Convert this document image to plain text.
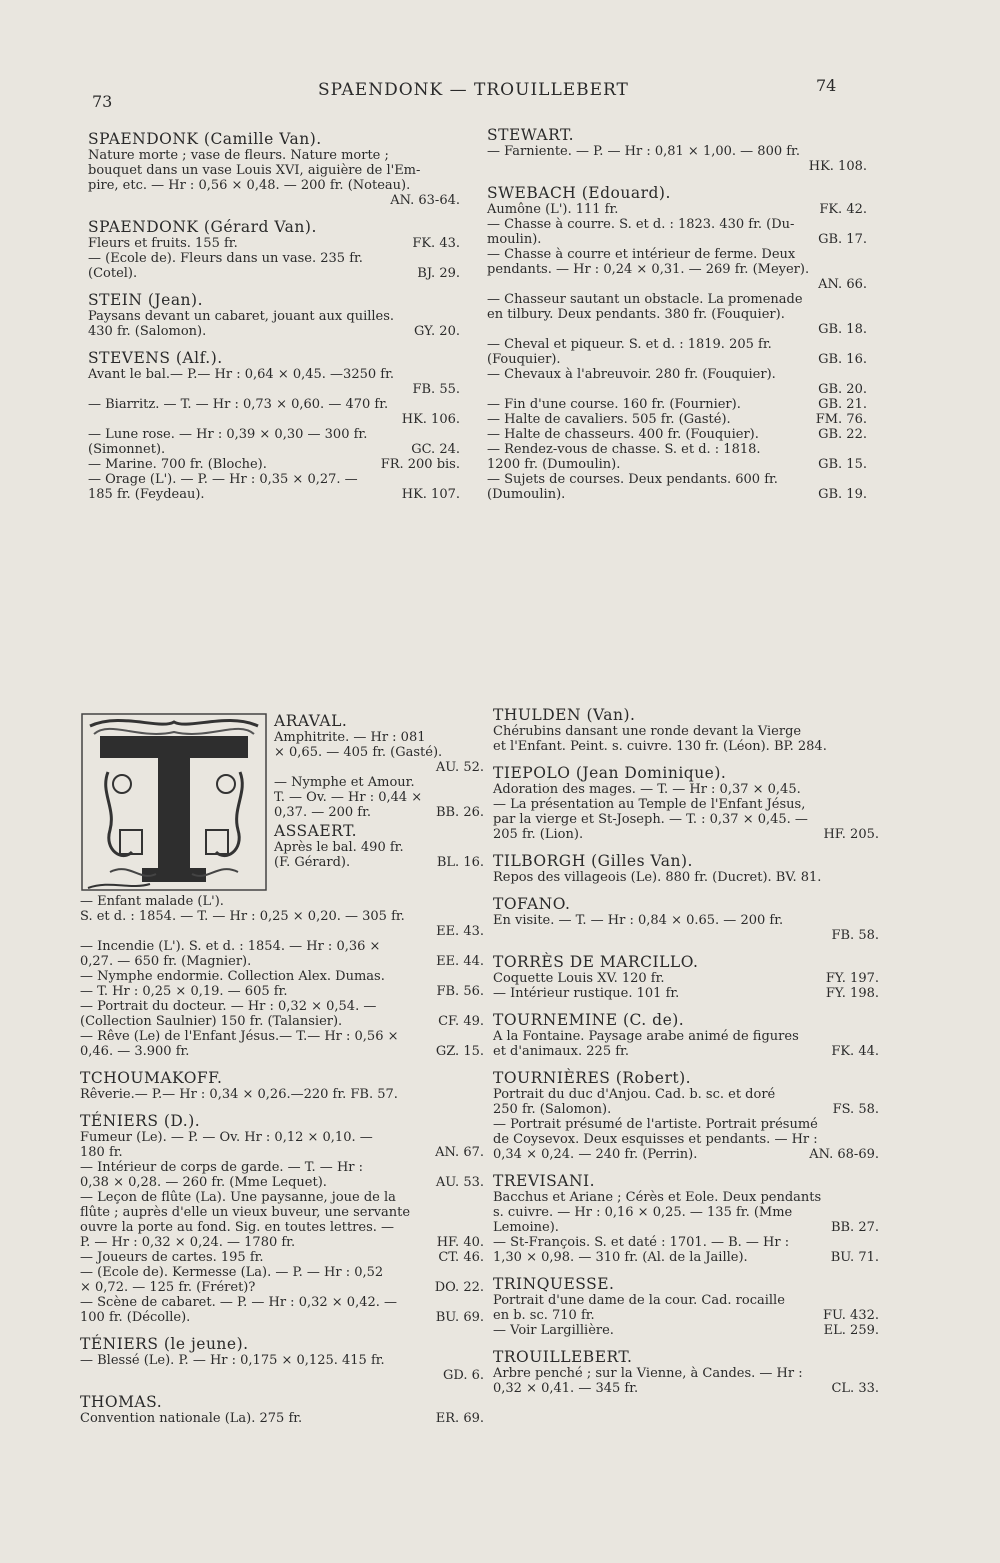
73
SPAENDONK — TROUILLEBERT	74
SPAENDONK (Camille Van).
Nature morte ; vase de fleurs. Nature morte ;
bouquet dans un vase Louis XVI, aiguière de l'Em-
pire, etc. — Hr : 0,56 × 0,48. — 200 fr. (Noteau).
AN. 63-64.
SPAENDONK (Gérard Van).
Fleurs et fruits. 155 fr.	FK. 43.
— (Ecole de). Fleurs dans un vase. 235 fr.
(Cotel).	BJ. 29.
STEIN (Jean).
Paysans devant un cabaret, jouant aux quilles.
430 fr. (Salomon).	GY. 20.
STEVENS (Alf.).
Avant le bal.— P.— Hr : 0,64 × 0,45. —3250 fr.
FB. 55.
— Biarritz. — T. — Hr : 0,73 × 0,60. — 470 fr.
HK. 106.
— Lune rose. — Hr : 0,39 × 0,30 — 300 fr.
(Simonnet).	GC. 24.
— Marine. 700 fr. (Bloche).	FR. 200 bis.
— Orage (L'). — P. — Hr : 0,35 × 0,27. —
185 fr. (Feydeau).	HK. 107.
STEWART.
— Farniente. — P. — Hr : 0,81 × 1,00. — 800 fr.
HK. 108.
SWEBACH (Edouard).
Aumône (L'). 111 fr.	FK. 42.
— Chasse à courre. S. et d. : 1823. 430 fr. (Du-
moulin).	GB. 17.
— Chasse à courre et intérieur de ferme. Deux
pendants. — Hr : 0,24 × 0,31. — 269 fr. (Meyer).
AN. 66.
— Chasseur sautant un obstacle. La promenade
en tilbury. Deux pendants. 380 fr. (Fouquier).
GB. 18.
— Cheval et piqueur. S. et d. : 1819. 205 fr.
(Fouquier).	GB. 16.
— Chevaux à l'abreuvoir. 280 fr. (Fouquier).
GB. 20.
— Fin d'une course. 160 fr. (Fournier).	GB. 21.
— Halte de cavaliers. 505 fr. (Gasté).	FM. 76.
— Halte de chasseurs. 400 fr. (Fouquier).	GB. 22.
— Rendez-vous de chasse. S. et d. : 1818.
1200 fr. (Dumoulin).	GB. 15.
— Sujets de courses. Deux pendants. 600 fr.
(Dumoulin).	GB. 19.
ARAVAL.
Amphitrite. — Hr : 081
× 0,65. — 405 fr. (Gasté).
AU. 52.
— Nymphe et Amour.
T. — Ov. — Hr : 0,44 ×
0,37. — 200 fr.	BB. 26.
ASSAERT.
Après le bal. 490 fr.
(F. Gérard).	BL. 16.
— Enfant malade (L').
S. et d. : 1854. — T. — Hr : 0,25 × 0,20. — 305 fr.
EE. 43.
— Incendie (L'). S. et d. : 1854. — Hr : 0,36 ×
0,27. — 650 fr. (Magnier).	EE. 44.
— Nymphe endormie. Collection Alex. Dumas.
— T. Hr : 0,25 × 0,19. — 605 fr.	FB. 56.
— Portrait du docteur. — Hr : 0,32 × 0,54. —
(Collection Saulnier) 150 fr. (Talansier).	CF. 49.
— Rêve (Le) de l'Enfant Jésus.— T.— Hr : 0,56 ×
0,46. — 3.900 fr.	GZ. 15.
TCHOUMAKOFF.
Rêverie.— P.— Hr : 0,34 × 0,26.—220 fr. FB. 57.
TÉNIERS (D.).
Fumeur (Le). — P. — Ov. Hr : 0,12 × 0,10. —
180 fr.	AN. 67.
— Intérieur de corps de garde. — T. — Hr :
0,38 × 0,28. — 260 fr. (Mme Lequet).	AU. 53.
— Leçon de flûte (La). Une paysanne, joue de la
flûte ; auprès d'elle un vieux buveur, une servante
ouvre la porte au fond. Sig. en toutes lettres. —
P. — Hr : 0,32 × 0,24. — 1780 fr.	HF. 40.
— Joueurs de cartes. 195 fr.	CT. 46.
— (Ecole de). Kermesse (La). — P. — Hr : 0,52
× 0,72. — 125 fr. (Fréret)?	DO. 22.
— Scène de cabaret. — P. — Hr : 0,32 × 0,42. —
100 fr. (Décolle).	BU. 69.
TÉNIERS (le jeune).
— Blessé (Le). P. — Hr : 0,175 × 0,125. 415 fr.
GD. 6.
THOMAS.
Convention nationale (La). 275 fr.	ER. 69.
THULDEN (Van).
Chérubins dansant une ronde devant la Vierge
et l'Enfant. Peint. s. cuivre. 130 fr. (Léon). BP. 284.
TIEPOLO (Jean Dominique).
Adoration des mages. — T. — Hr : 0,37 × 0,45.
— La présentation au Temple de l'Enfant Jésus,
par la vierge et St-Joseph. — T. : 0,37 × 0,45. —
205 fr. (Lion).	HF. 205.
TILBORGH (Gilles Van).
Repos des villageois (Le). 880 fr. (Ducret). BV. 81.
TOFANO.
En visite. — T. — Hr : 0,84 × 0.65. — 200 fr.
FB. 58.
TORRÈS DE MARCILLO.
Coquette Louis XV. 120 fr.	FY. 197.
— Intérieur rustique. 101 fr.	FY. 198.
TOURNEMINE (C. de).
A la Fontaine. Paysage arabe animé de figures
et d'animaux. 225 fr.	FK. 44.
TOURNIÈRES (Robert).
Portrait du duc d'Anjou. Cad. b. sc. et doré
250 fr. (Salomon).	FS. 58.
— Portrait présumé de l'artiste. Portrait présumé
de Coysevox. Deux esquisses et pendants. — Hr :
0,34 × 0,24. — 240 fr. (Perrin).	AN. 68-69.
TREVISANI.
Bacchus et Ariane ; Cérès et Eole. Deux pendants
s. cuivre. — Hr : 0,16 × 0,25. — 135 fr. (Mme
Lemoine).	BB. 27.
— St-François. S. et daté : 1701. — B. — Hr :
1,30 × 0,98. — 310 fr. (Al. de la Jaille).	BU. 71.
TRINQUESSE.
Portrait d'une dame de la cour. Cad. rocaille
en b. sc. 710 fr.	FU. 432.
— Voir Largillière.	EL. 259.
TROUILLEBERT.
Arbre penché ; sur la Vienne, à Candes. — Hr :
0,32 × 0,41. — 345 fr.	CL. 33.
